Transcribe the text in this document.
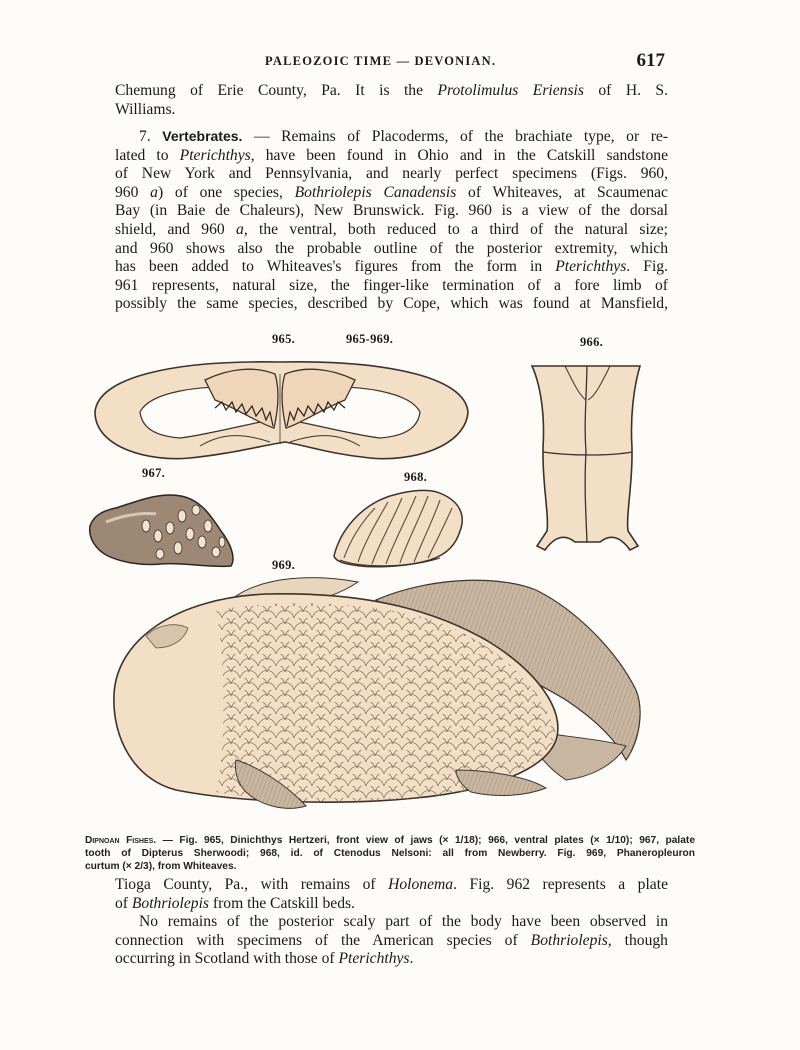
PALEOZOIC TIME — DEVONIAN.	617
Chemung of Erie County, Pa. It is the Protolimulus Eriensis of H. S.
Williams.
7. Vertebrates. — Remains of Placoderms, of the brachiate type, or re-
lated to Pterichthys, have been found in Ohio and in the Catskill sandstone
of New York and Pennsylvania, and nearly perfect specimens (Figs. 960,
960 a) of one species, Bothriolepis Canadensis of Whiteaves, at Scaumenac
Bay (in Baie de Chaleurs), New Brunswick. Fig. 960 is a view of the dorsal
shield, and 960 a, the ventral, both reduced to a third of the natural size;
and 960 shows also the probable outline of the posterior extremity, which
has been added to Whiteaves's figures from the form in Pterichthys. Fig.
961 represents, natural size, the finger-like termination of a fore limb of
possibly the same species, described by Cope, which was found at Mansfield,
965.	965-969.	966.
967.	968.
969.
Dipnoan Fishes. — Fig. 965, Dinichthys Hertzeri, front view of jaws (× 1/18); 966, ventral plates (× 1/10); 967, palate
tooth of Dipterus Sherwoodi; 968, id. of Ctenodus Nelsoni: all from Newberry. Fig. 969, Phaneropleuron
curtum (× 2/3), from Whiteaves.
Tioga County, Pa., with remains of Holonema. Fig. 962 represents a plate
of Bothriolepis from the Catskill beds.
No remains of the posterior scaly part of the body have been observed in
connection with specimens of the American species of Bothriolepis, though
occurring in Scotland with those of Pterichthys.
